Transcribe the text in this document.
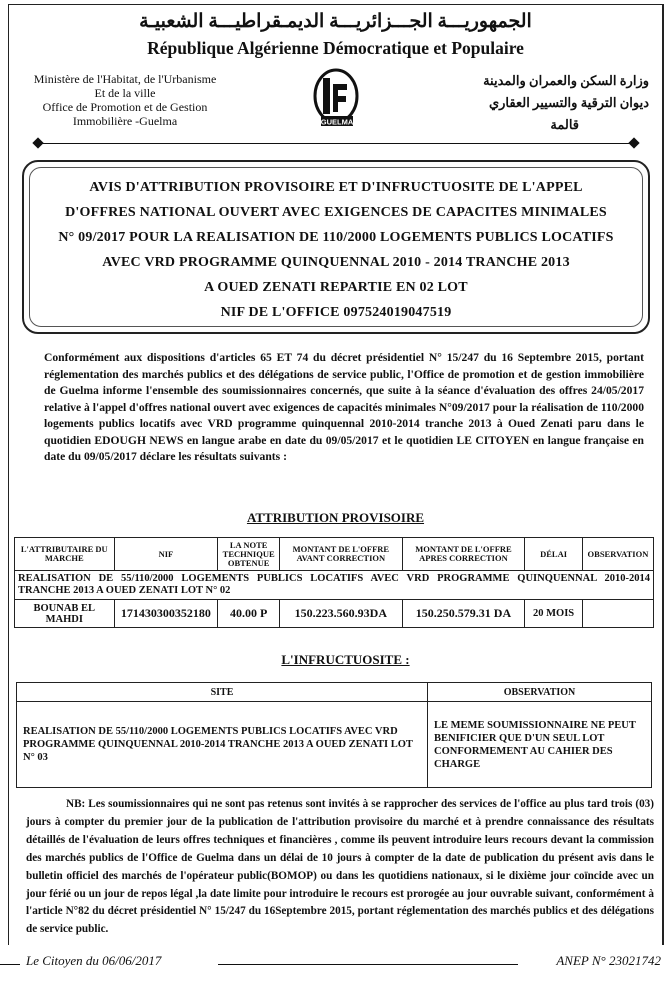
الجمهوريـــة الجـــزائريـــة الديمـقراطيـــة الشعبيـة
République Algérienne Démocratique et Populaire
Ministère de l'Habitat, de l'Urbanisme
Et de la ville
Office de Promotion et de Gestion
Immobilière -Guelma
وزارة السكن والعمران والمدينة
ديوان الترقية والتسيير العقاري
قالمة
GUELMA
AVIS D'ATTRIBUTION PROVISOIRE ET D'INFRUCTUOSITE DE L'APPEL
D'OFFRES NATIONAL OUVERT AVEC EXIGENCES DE CAPACITES MINIMALES
N° 09/2017 POUR LA REALISATION DE 110/2000 LOGEMENTS PUBLICS LOCATIFS
AVEC VRD PROGRAMME QUINQUENNAL 2010 - 2014 TRANCHE 2013
A OUED ZENATI REPARTIE EN 02 LOT
NIF DE L'OFFICE 097524019047519
Conformément aux dispositions d'articles 65 ET 74 du décret présidentiel N° 15/247 du 16 Septembre 2015, portant réglementation des marchés publics et des délégations de service public, l'Office de promotion et de gestion immobilière de Guelma informe l'ensemble des soumissionnaires concernés, que suite à la séance d'évaluation des offres 24/05/2017 relative à l'appel d'offres national ouvert avec exigences de capacités minimales N°09/2017 pour la réalisation de 110/2000 logements publics locatifs avec VRD programme quinquennal 2010-2014 tranche 2013 à Oued Zenati paru dans le quotidien EDOUGH NEWS en langue arabe en date du 09/05/2017 et le quotidien LE CITOYEN en langue française en date du 09/05/2017 déclare les résultats suivants :
ATTRIBUTION PROVISOIRE
L'ATTRIBUTAIRE DU MARCHE	NIF	LA NOTE TECHNIQUE OBTENUE	MONTANT DE L'OFFRE AVANT CORRECTION	MONTANT DE L'OFFRE APRES CORRECTION	DÉLAI	OBSERVATION
REALISATION DE 55/110/2000 LOGEMENTS PUBLICS LOCATIFS AVEC VRD PROGRAMME QUINQUENNAL 2010-2014 TRANCHE 2013 A OUED ZENATI LOT N° 02						
BOUNAB EL MAHDI	171430300352180	40.00 P	150.223.560.93DA	150.250.579.31 DA	20 MOIS	
L'INFRUCTUOSITE :
SITE	OBSERVATION
REALISATION DE 55/110/2000 LOGEMENTS PUBLICS LOCATIFS AVEC VRD PROGRAMME QUINQUENNAL 2010-2014 TRANCHE 2013 A OUED ZENATI LOT N° 03	LE MEME SOUMISSIONNAIRE NE PEUT BENIFICIER QUE D'UN SEUL LOT CONFORMEMENT AU CAHIER DES CHARGE
NB: Les soumissionnaires qui ne sont pas retenus sont invités à se rapprocher des services de l'office au plus tard trois (03) jours à compter du premier jour de la publication de l'attribution provisoire du marché et à prendre connaissance des résultats détaillés de l'évaluation de leurs offres techniques et financières , comme ils peuvent introduire leurs recours devant la commission des marchés publics de l'Office de Guelma dans un délai de 10 jours à compter de la date de publication du présent avis dans le bulletin officiel des marchés de l'opérateur public(BOMOP) ou dans les quotidiens nationaux, si le dixième jour coïncide avec un jour férié ou un jour de repos légal ,la date limite pour introduire le recours est prorogée au jour ouvrable suivant, conformément à l'article N°82 du décret présidentiel N° 15/247 du 16Septembre 2015, portant réglementation des marchés publics et des délégations de service public.
Le Citoyen du 06/06/2017	ANEP N° 23021742
